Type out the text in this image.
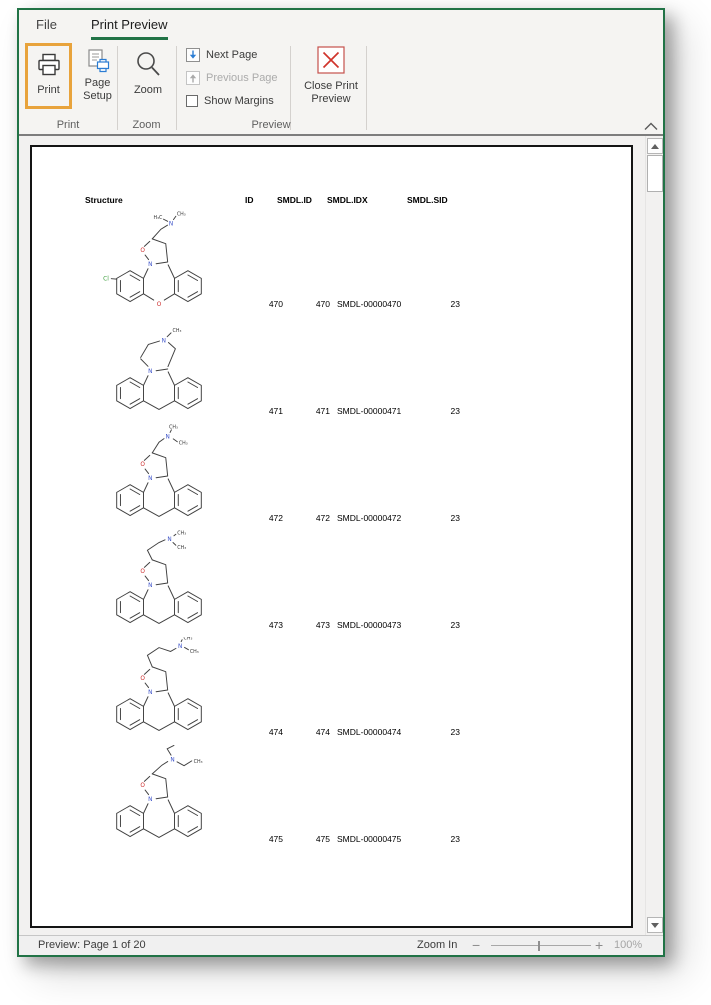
File	Print Preview
Print
Page
Setup Zoom
Next Page
Previous Page
Show Margins
Close Print
Preview
Print	Zoom	Preview
Structure	ID	SMDL.ID SMDL.IDX	SMDL.SID
O
N
O
N
CH₃
H₃C
Cl
470	470 SMDL-00000470	23
N
N
CH₃
471	471 SMDL-00000471	23
N
O
N
CH₃
CH₃
472	472 SMDL-00000472	23
N
O
N
CH₃
CH₃
473	473 SMDL-00000473	23
N
O
N
CH₃
CH₃
474	474 SMDL-00000474	23
N
O
N	CH₃
475	475 SMDL-00000475	23
Preview: Page 1 of 20	Zoom In −	+ 100%
